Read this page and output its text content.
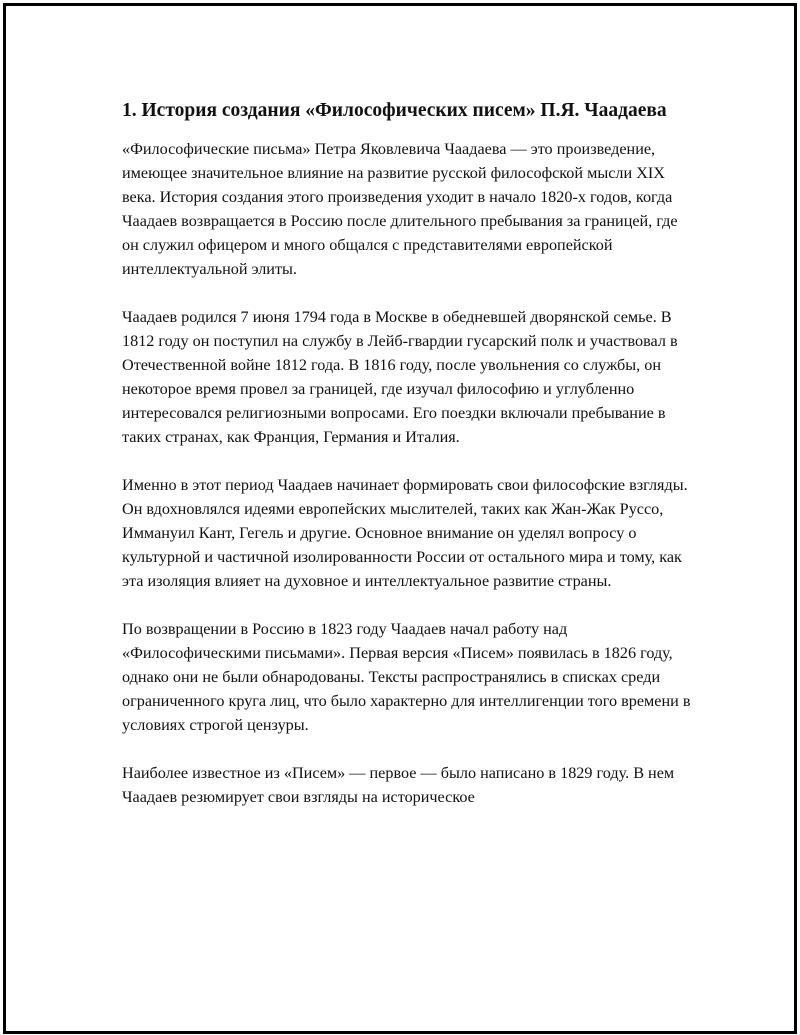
1. История создания «Философических писем» П.Я. Чаадаева

«Философические письма» Петра Яковлевича Чаадаева — это произведение, имеющее значительное влияние на развитие русской философской мысли XIX века. История создания этого произведения уходит в начало 1820-х годов, когда Чаадаев возвращается в Россию после длительного пребывания за границей, где он служил офицером и много общался с представителями европейской интеллектуальной элиты.

Чаадаев родился 7 июня 1794 года в Москве в обедневшей дворянской семье. В 1812 году он поступил на службу в Лейб-гвардии гусарский полк и участвовал в Отечественной войне 1812 года. В 1816 году, после увольнения со службы, он некоторое время провел за границей, где изучал философию и углубленно интересовался религиозными вопросами. Его поездки включали пребывание в таких странах, как Франция, Германия и Италия.

Именно в этот период Чаадаев начинает формировать свои философские взгляды. Он вдохновлялся идеями европейских мыслителей, таких как Жан-Жак Руссо, Иммануил Кант, Гегель и другие. Основное внимание он уделял вопросу о культурной и частичной изолированности России от остального мира и тому, как эта изоляция влияет на духовное и интеллектуальное развитие страны.

По возвращении в Россию в 1823 году Чаадаев начал работу над «Философическими письмами». Первая версия «Писем» появилась в 1826 году, однако они не были обнародованы. Тексты распространялись в списках среди ограниченного круга лиц, что было характерно для интеллигенции того времени в условиях строгой цензуры.

Наиболее известное из «Писем» — первое — было написано в 1829 году. В нем Чаадаев резюмирует свои взгляды на историческое
